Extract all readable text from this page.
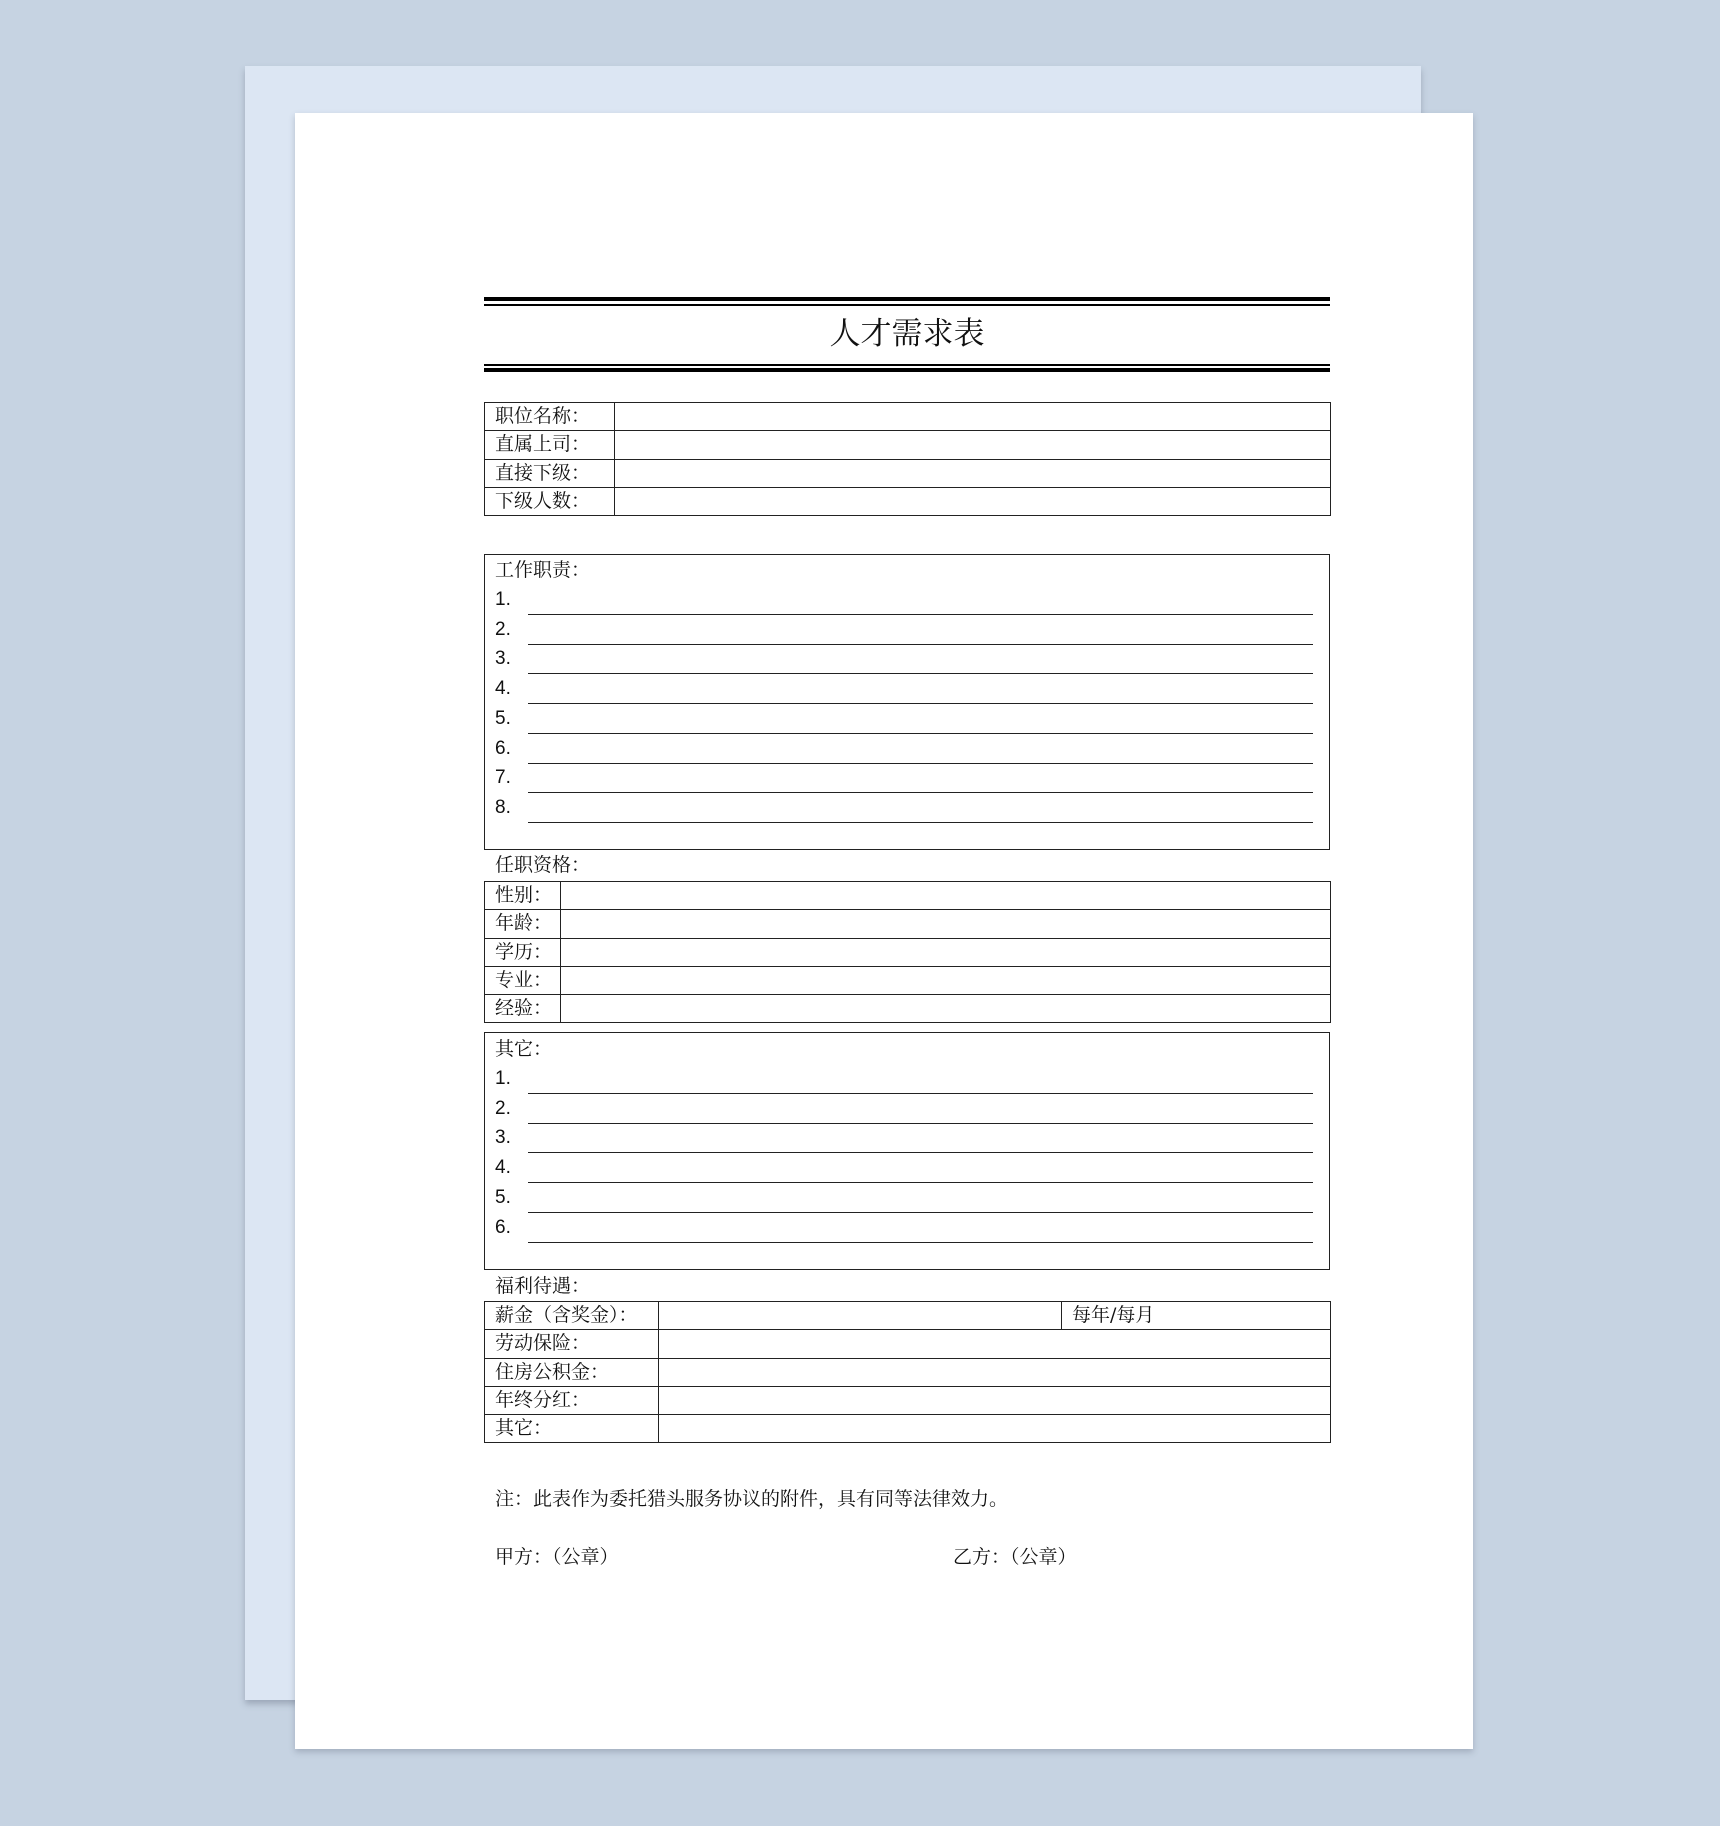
人才需求表
职位名称：	
直属上司：	
直接下级：	
下级人数：	
工作职责：
1.
2.
3.
4.
5.
6.
7.
8.
任职资格：
性别：	
年龄：	
学历：	
专业：	
经验：	
其它：
1.
2.
3.
4.
5.
6.
福利待遇：
薪金（含奖金）：		每年/每月
劳动保险：		
住房公积金：		
年终分红：		
其它：		
注：此表作为委托猎头服务协议的附件，具有同等法律效力。
甲方：（公章）	乙方：（公章）
